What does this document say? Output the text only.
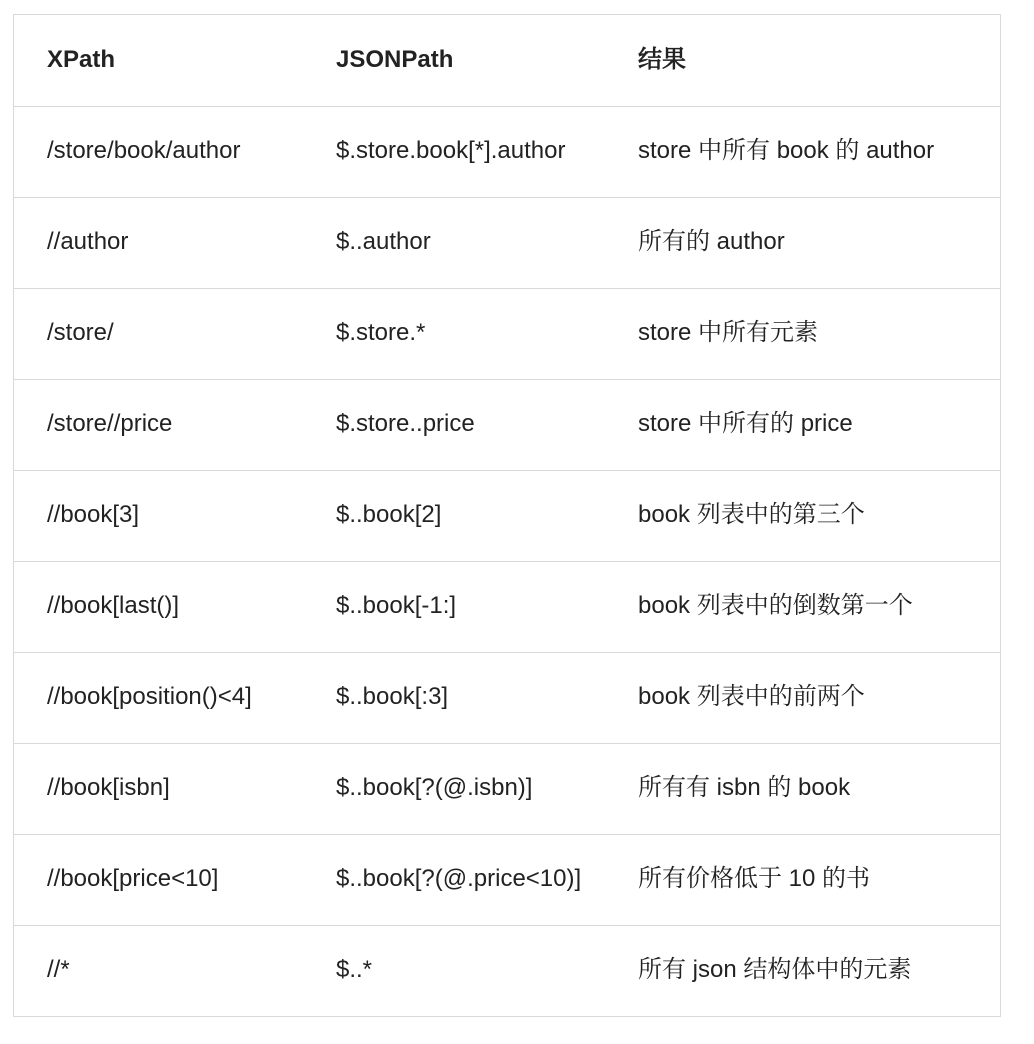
XPath	JSONPath	结果
/store/book/author	$.store.book[*].author	store 中所有 book 的 author
//author	$..author	所有的 author
/store/	$.store.*	store 中所有元素
/store//price	$.store..price	store 中所有的 price
//book[3]	$..book[2]	book 列表中的第三个
//book[last()]	$..book[-1:]	book 列表中的倒数第一个
//book[position()<4]	$..book[:3]	book 列表中的前两个
//book[isbn]	$..book[?(@.isbn)]	所有有 isbn 的 book
//book[price<10]	$..book[?(@.price<10)]	所有价格低于 10 的书
//*	$..*	所有 json 结构体中的元素
